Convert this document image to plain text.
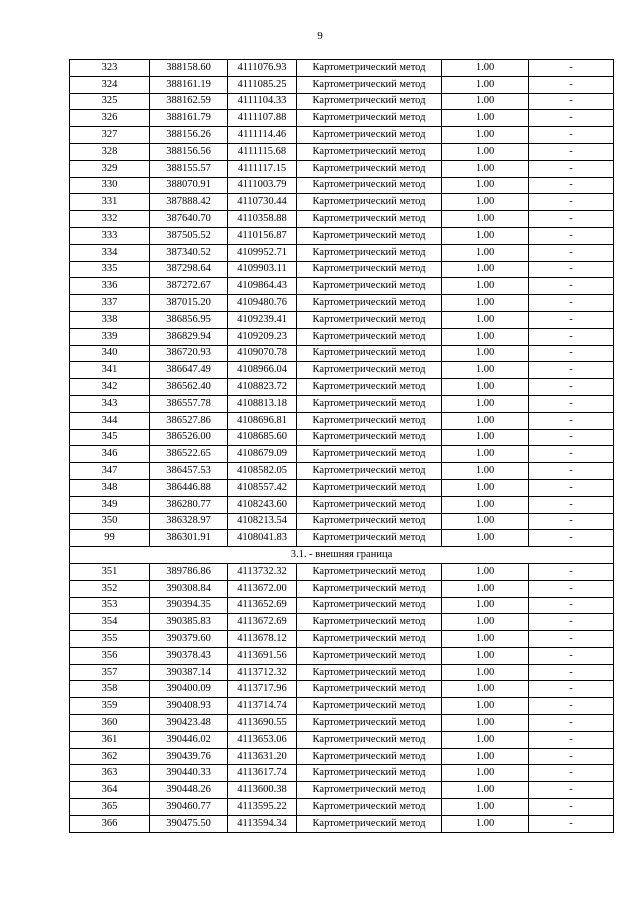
9
323	388158.60	4111076.93	Картометрический метод	1.00	-
324	388161.19	4111085.25	Картометрический метод	1.00	-
325	388162.59	4111104.33	Картометрический метод	1.00	-
326	388161.79	4111107.88	Картометрический метод	1.00	-
327	388156.26	4111114.46	Картометрический метод	1.00	-
328	388156.56	4111115.68	Картометрический метод	1.00	-
329	388155.57	4111117.15	Картометрический метод	1.00	-
330	388070.91	4111003.79	Картометрический метод	1.00	-
331	387888.42	4110730.44	Картометрический метод	1.00	-
332	387640.70	4110358.88	Картометрический метод	1.00	-
333	387505.52	4110156.87	Картометрический метод	1.00	-
334	387340.52	4109952.71	Картометрический метод	1.00	-
335	387298.64	4109903.11	Картометрический метод	1.00	-
336	387272.67	4109864.43	Картометрический метод	1.00	-
337	387015.20	4109480.76	Картометрический метод	1.00	-
338	386856.95	4109239.41	Картометрический метод	1.00	-
339	386829.94	4109209.23	Картометрический метод	1.00	-
340	386720.93	4109070.78	Картометрический метод	1.00	-
341	386647.49	4108966.04	Картометрический метод	1.00	-
342	386562.40	4108823.72	Картометрический метод	1.00	-
343	386557.78	4108813.18	Картометрический метод	1.00	-
344	386527.86	4108696.81	Картометрический метод	1.00	-
345	386526.00	4108685.60	Картометрический метод	1.00	-
346	386522.65	4108679.09	Картометрический метод	1.00	-
347	386457.53	4108582.05	Картометрический метод	1.00	-
348	386446.88	4108557.42	Картометрический метод	1.00	-
349	386280.77	4108243.60	Картометрический метод	1.00	-
350	386328.97	4108213.54	Картометрический метод	1.00	-
99	386301.91	4108041.83	Картометрический метод	1.00	-
3.1. - внешняя граница					
351	389786.86	4113732.32	Картометрический метод	1.00	-
352	390308.84	4113672.00	Картометрический метод	1.00	-
353	390394.35	4113652.69	Картометрический метод	1.00	-
354	390385.83	4113672.69	Картометрический метод	1.00	-
355	390379.60	4113678.12	Картометрический метод	1.00	-
356	390378.43	4113691.56	Картометрический метод	1.00	-
357	390387.14	4113712.32	Картометрический метод	1.00	-
358	390400.09	4113717.96	Картометрический метод	1.00	-
359	390408.93	4113714.74	Картометрический метод	1.00	-
360	390423.48	4113690.55	Картометрический метод	1.00	-
361	390446.02	4113653.06	Картометрический метод	1.00	-
362	390439.76	4113631.20	Картометрический метод	1.00	-
363	390440.33	4113617.74	Картометрический метод	1.00	-
364	390448.26	4113600.38	Картометрический метод	1.00	-
365	390460.77	4113595.22	Картометрический метод	1.00	-
366	390475.50	4113594.34	Картометрический метод	1.00	-
